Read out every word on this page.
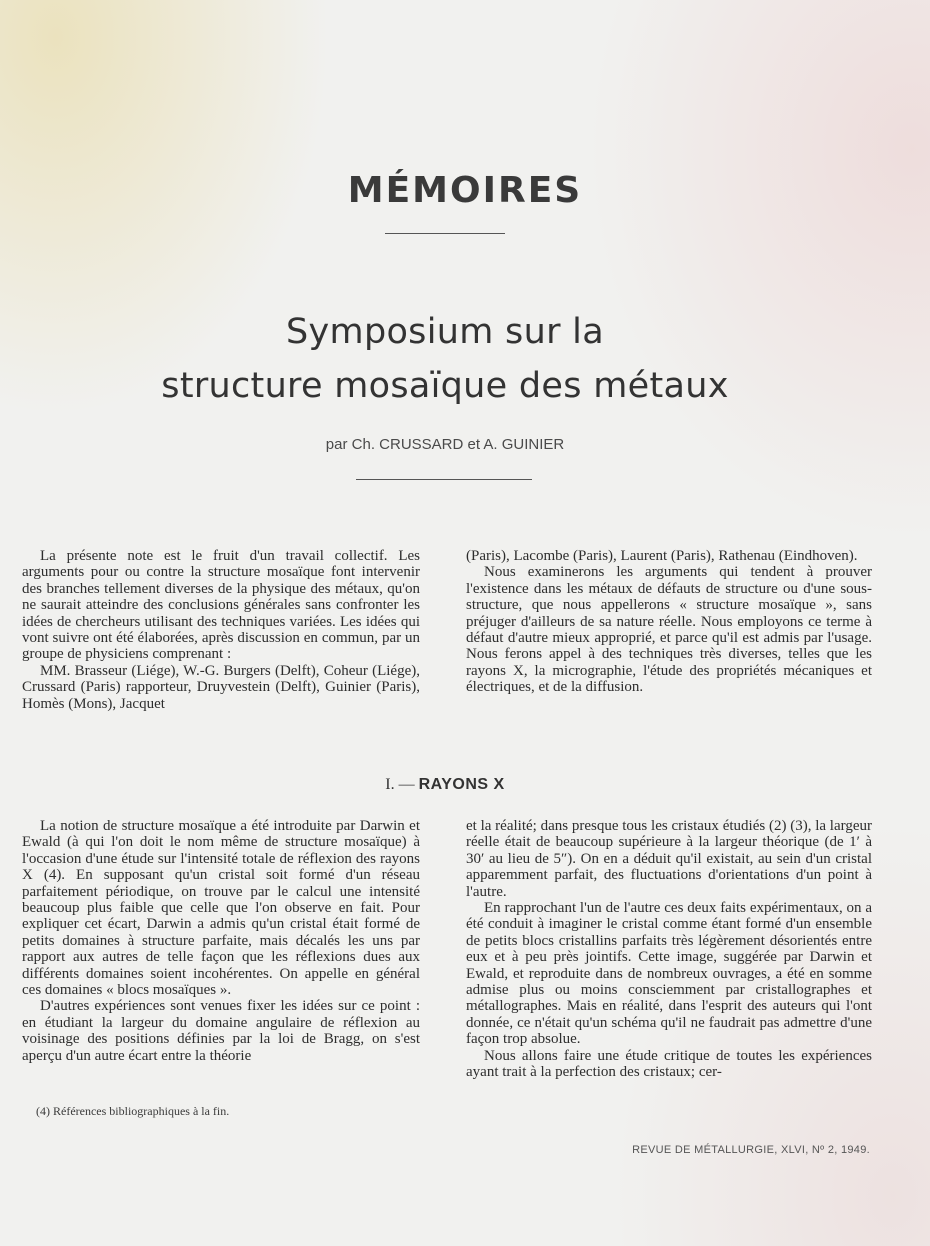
MÉMOIRES
Symposium sur la
structure mosaïque des métaux
par Ch. CRUSSARD et A. GUINIER

La présente note est le fruit d'un travail collectif. Les arguments pour ou contre la structure mosaïque font intervenir des branches tellement diverses de la physique des métaux, qu'on ne saurait atteindre des conclusions générales sans confronter les idées de chercheurs utilisant des techniques variées. Les idées qui vont suivre ont été élaborées, après discussion en commun, par un groupe de physiciens comprenant :

MM. Brasseur (Liége), W.-G. Burgers (Delft), Coheur (Liége), Crussard (Paris) rapporteur, Druyvestein (Delft), Guinier (Paris), Homès (Mons), Jacquet

(Paris), Lacombe (Paris), Laurent (Paris), Rathenau (Eindhoven).

Nous examinerons les arguments qui tendent à prouver l'existence dans les métaux de défauts de structure ou d'une sous-structure, que nous appellerons « structure mosaïque », sans préjuger d'ailleurs de sa nature réelle. Nous employons ce terme à défaut d'autre mieux approprié, et parce qu'il est admis par l'usage. Nous ferons appel à des techniques très diverses, telles que les rayons X, la micrographie, l'étude des propriétés mécaniques et électriques, et de la diffusion.

I. — RAYONS X

La notion de structure mosaïque a été introduite par Darwin et Ewald (à qui l'on doit le nom même de structure mosaïque) à l'occasion d'une étude sur l'intensité totale de réflexion des rayons X (4). En supposant qu'un cristal soit formé d'un réseau parfaitement périodique, on trouve par le calcul une intensité beaucoup plus faible que celle que l'on observe en fait. Pour expliquer cet écart, Darwin a admis qu'un cristal était formé de petits domaines à structure parfaite, mais décalés les uns par rapport aux autres de telle façon que les réflexions dues aux différents domaines soient incohérentes. On appelle en général ces domaines « blocs mosaïques ».

D'autres expériences sont venues fixer les idées sur ce point : en étudiant la largeur du domaine angulaire de réflexion au voisinage des positions définies par la loi de Bragg, on s'est aperçu d'un autre écart entre la théorie

et la réalité; dans presque tous les cristaux étudiés (2) (3), la largeur réelle était de beaucoup supérieure à la largeur théorique (de 1′ à 30′ au lieu de 5″). On en a déduit qu'il existait, au sein d'un cristal apparemment parfait, des fluctuations d'orientations d'un point à l'autre.

En rapprochant l'un de l'autre ces deux faits expérimentaux, on a été conduit à imaginer le cristal comme étant formé d'un ensemble de petits blocs cristallins parfaits très légèrement désorientés entre eux et à peu près jointifs. Cette image, suggérée par Darwin et Ewald, et reproduite dans de nombreux ouvrages, a été en somme admise plus ou moins consciemment par cristallographes et métallographes. Mais en réalité, dans l'esprit des auteurs qui l'ont donnée, ce n'était qu'un schéma qu'il ne faudrait pas admettre d'une façon trop absolue.

Nous allons faire une étude critique de toutes les expériences ayant trait à la perfection des cristaux; cer-

(4) Références bibliographiques à la fin.
REVUE DE MÉTALLURGIE, XLVI, Nº 2, 1949.
